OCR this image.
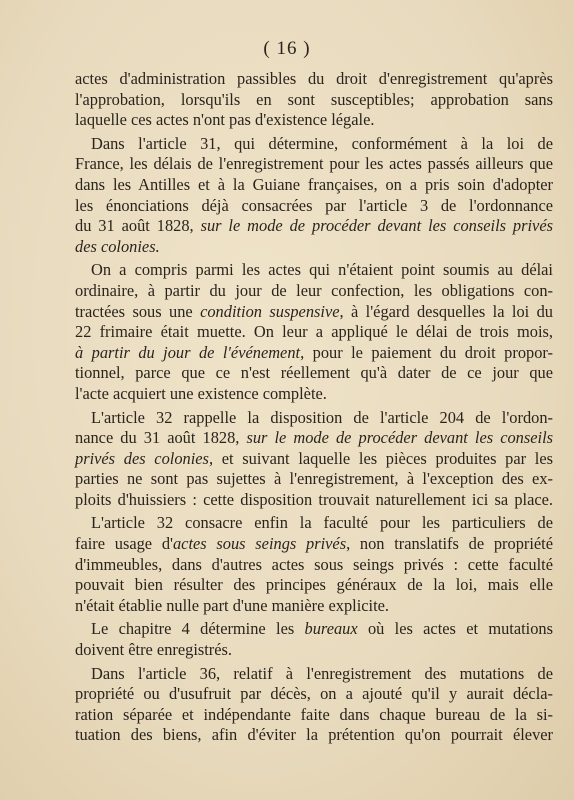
( 16 )
actes d'administration passibles du droit d'enregistrement qu'après
l'approbation, lorsqu'ils en sont susceptibles; approbation sans
laquelle ces actes n'ont pas d'existence légale.
Dans l'article 31, qui détermine, conformément à la loi de
France, les délais de l'enregistrement pour les actes passés ailleurs que
dans les Antilles et à la Guiane françaises, on a pris soin d'adopter
les énonciations déjà consacrées par l'article 3 de l'ordonnance
du 31 août 1828, sur le mode de procéder devant les conseils privés
des colonies.
On a compris parmi les actes qui n'étaient point soumis au délai
ordinaire, à partir du jour de leur confection, les obligations con-
tractées sous une condition suspensive, à l'égard desquelles la loi du
22 frimaire était muette. On leur a appliqué le délai de trois mois,
à partir du jour de l'événement, pour le paiement du droit propor-
tionnel, parce que ce n'est réellement qu'à dater de ce jour que
l'acte acquiert une existence complète.
L'article 32 rappelle la disposition de l'article 204 de l'ordon-
nance du 31 août 1828, sur le mode de procéder devant les conseils
privés des colonies, et suivant laquelle les pièces produites par les
parties ne sont pas sujettes à l'enregistrement, à l'exception des ex-
ploits d'huissiers : cette disposition trouvait naturellement ici sa place.
L'article 32 consacre enfin la faculté pour les particuliers de
faire usage d'actes sous seings privés, non translatifs de propriété
d'immeubles, dans d'autres actes sous seings privés : cette faculté
pouvait bien résulter des principes généraux de la loi, mais elle
n'était établie nulle part d'une manière explicite.
Le chapitre 4 détermine les bureaux où les actes et mutations
doivent être enregistrés.
Dans l'article 36, relatif à l'enregistrement des mutations de
propriété ou d'usufruit par décès, on a ajouté qu'il y aurait décla-
ration séparée et indépendante faite dans chaque bureau de la si-
tuation des biens, afin d'éviter la prétention qu'on pourrait élever
